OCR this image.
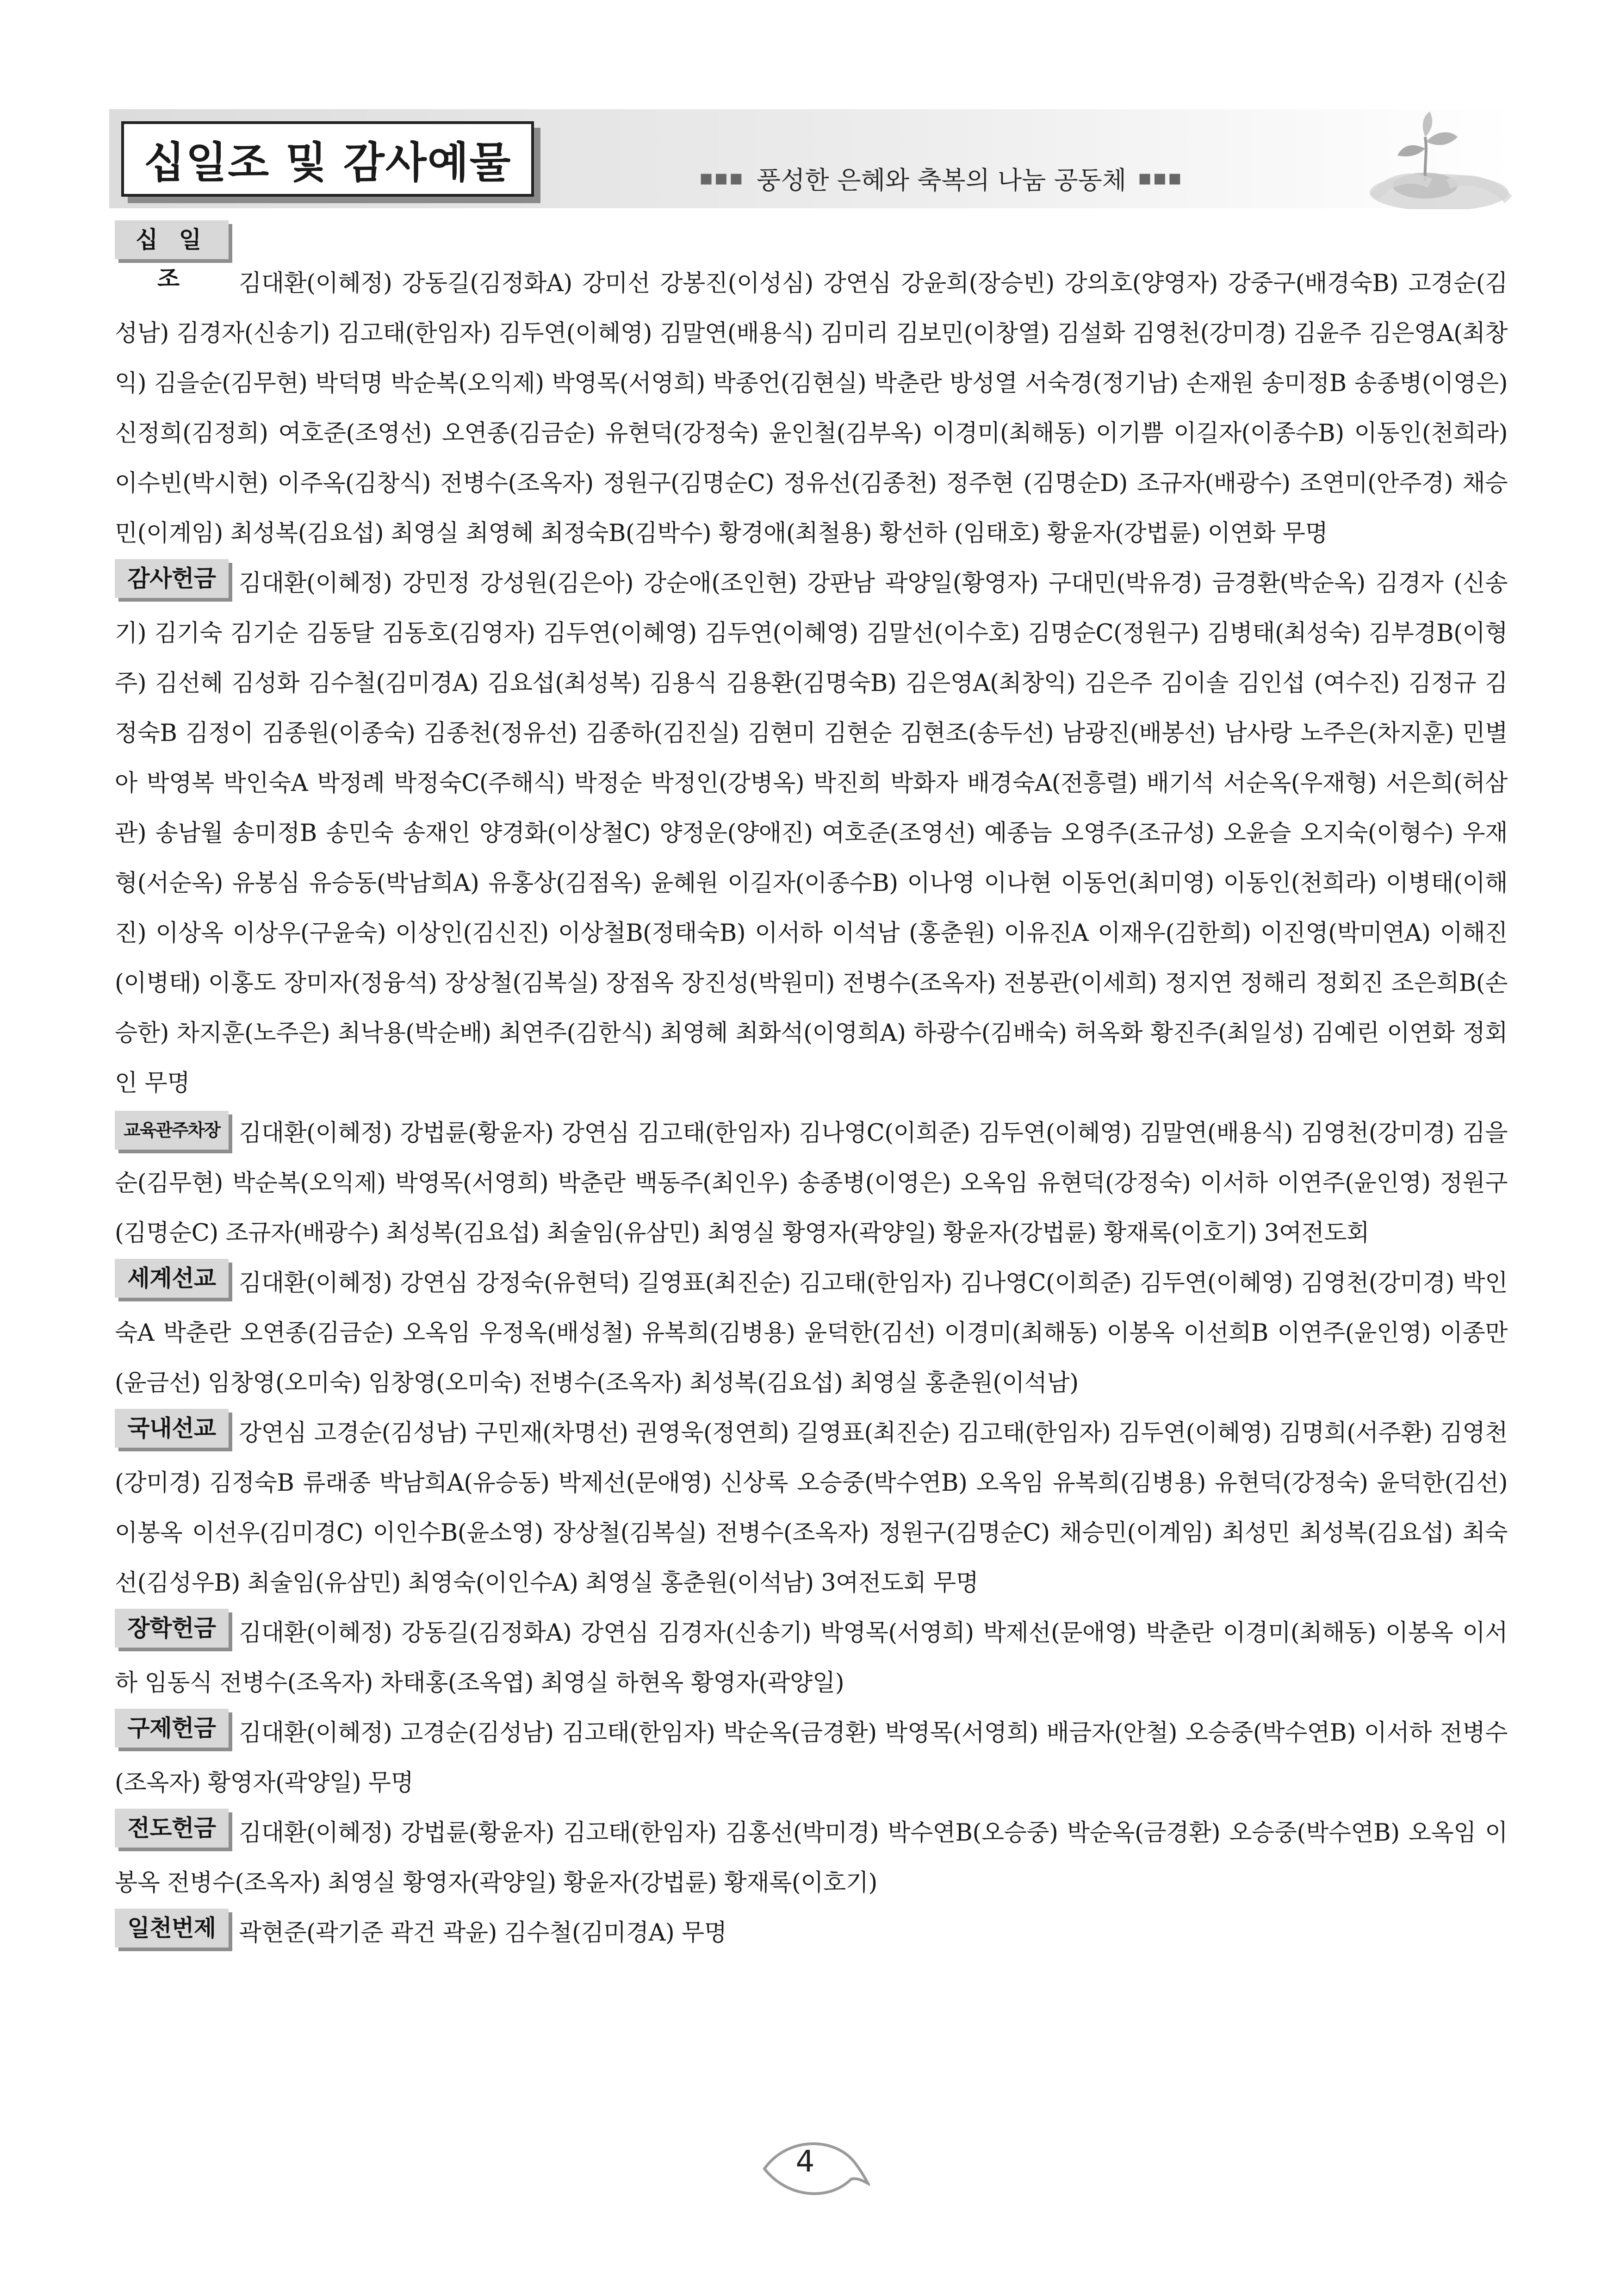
십일조 및 감사예물	■■■ 풍성한 은혜와 축복의 나눔 공동체 ■■■

십 일 조 김대환(이혜정) 강동길(김정화A) 강미선 강봉진(이성심) 강연심 강윤희(장승빈) 강의호(양영자) 강중구(배경숙B) 고경순(김성남) 김경자(신송기) 김고태(한임자) 김두연(이혜영) 김말연(배용식) 김미리 김보민(이창열) 김설화 김영천(강미경) 김윤주 김은영A(최창익) 김을순(김무현) 박덕명 박순복(오익제) 박영목(서영희) 박종언(김현실) 박춘란 방성열 서숙경(정기남) 손재원 송미정B 송종병(이영은) 신정희(김정희) 여호준(조영선) 오연종(김금순) 유현덕(강정숙) 윤인철(김부옥) 이경미(최해동) 이기쁨 이길자(이종수B) 이동인(천희라) 이수빈(박시현) 이주옥(김창식) 전병수(조옥자) 정원구(김명순C) 정유선(김종천) 정주현 (김명순D) 조규자(배광수) 조연미(안주경) 채승민(이계임) 최성복(김요섭) 최영실 최영혜 최정숙B(김박수) 황경애(최철용) 황선하 (임태호) 황윤자(강법륜) 이연화 무명

감사헌금 김대환(이혜정) 강민정 강성원(김은아) 강순애(조인현) 강판남 곽양일(황영자) 구대민(박유경) 금경환(박순옥) 김경자 (신송기) 김기숙 김기순 김동달 김동호(김영자) 김두연(이혜영) 김두연(이혜영) 김말선(이수호) 김명순C(정원구) 김병태(최성숙) 김부경B(이형주) 김선혜 김성화 김수철(김미경A) 김요섭(최성복) 김용식 김용환(김명숙B) 김은영A(최창익) 김은주 김이솔 김인섭 (여수진) 김정규 김정숙B 김정이 김종원(이종숙) 김종천(정유선) 김종하(김진실) 김현미 김현순 김현조(송두선) 남광진(배봉선) 남사랑 노주은(차지훈) 민별아 박영복 박인숙A 박정례 박정숙C(주해식) 박정순 박정인(강병옥) 박진희 박화자 배경숙A(전흥렬) 배기석 서순옥(우재형) 서은희(허삼관) 송남월 송미정B 송민숙 송재인 양경화(이상철C) 양정운(양애진) 여호준(조영선) 예종늠 오영주(조규성) 오윤슬 오지숙(이형수) 우재형(서순옥) 유봉심 유승동(박남희A) 유홍상(김점옥) 윤혜원 이길자(이종수B) 이나영 이나현 이동언(최미영) 이동인(천희라) 이병태(이해진) 이상옥 이상우(구윤숙) 이상인(김신진) 이상철B(정태숙B) 이서하 이석남 (홍춘원) 이유진A 이재우(김한희) 이진영(박미연A) 이해진(이병태) 이홍도 장미자(정융석) 장상철(김복실) 장점옥 장진성(박원미) 전병수(조옥자) 전봉관(이세희) 정지연 정해리 정회진 조은희B(손승한) 차지훈(노주은) 최낙용(박순배) 최연주(김한식) 최영혜 최화석(이영희A) 하광수(김배숙) 허옥화 황진주(최일성) 김예린 이연화 정회인 무명

교육관주차장 김대환(이혜정) 강법륜(황윤자) 강연심 김고태(한임자) 김나영C(이희준) 김두연(이혜영) 김말연(배용식) 김영천(강미경) 김을순(김무현) 박순복(오익제) 박영목(서영희) 박춘란 백동주(최인우) 송종병(이영은) 오옥임 유현덕(강정숙) 이서하 이연주(윤인영) 정원구(김명순C) 조규자(배광수) 최성복(김요섭) 최술임(유삼민) 최영실 황영자(곽양일) 황윤자(강법륜) 황재록(이호기) 3여전도회

세계선교 김대환(이혜정) 강연심 강정숙(유현덕) 길영표(최진순) 김고태(한임자) 김나영C(이희준) 김두연(이혜영) 김영천(강미경) 박인숙A 박춘란 오연종(김금순) 오옥임 우정옥(배성철) 유복희(김병용) 윤덕한(김선) 이경미(최해동) 이봉옥 이선희B 이연주(윤인영) 이종만(윤금선) 임창영(오미숙) 임창영(오미숙) 전병수(조옥자) 최성복(김요섭) 최영실 홍춘원(이석남)

국내선교 강연심 고경순(김성남) 구민재(차명선) 권영욱(정연희) 길영표(최진순) 김고태(한임자) 김두연(이혜영) 김명희(서주환) 김영천(강미경) 김정숙B 류래종 박남희A(유승동) 박제선(문애영) 신상록 오승중(박수연B) 오옥임 유복희(김병용) 유현덕(강정숙) 윤덕한(김선) 이봉옥 이선우(김미경C) 이인수B(윤소영) 장상철(김복실) 전병수(조옥자) 정원구(김명순C) 채승민(이계임) 최성민 최성복(김요섭) 최숙선(김성우B) 최술임(유삼민) 최영숙(이인수A) 최영실 홍춘원(이석남) 3여전도회 무명

장학헌금 김대환(이혜정) 강동길(김정화A) 강연심 김경자(신송기) 박영목(서영희) 박제선(문애영) 박춘란 이경미(최해동) 이봉옥 이서하 임동식 전병수(조옥자) 차태홍(조옥엽) 최영실 하현옥 황영자(곽양일)

구제헌금 김대환(이혜정) 고경순(김성남) 김고태(한임자) 박순옥(금경환) 박영목(서영희) 배금자(안철) 오승중(박수연B) 이서하 전병수(조옥자) 황영자(곽양일) 무명

전도헌금 김대환(이혜정) 강법륜(황윤자) 김고태(한임자) 김홍선(박미경) 박수연B(오승중) 박순옥(금경환) 오승중(박수연B) 오옥임 이봉옥 전병수(조옥자) 최영실 황영자(곽양일) 황윤자(강법륜) 황재록(이호기)

일천번제 곽현준(곽기준 곽건 곽윤) 김수철(김미경A) 무명

4
